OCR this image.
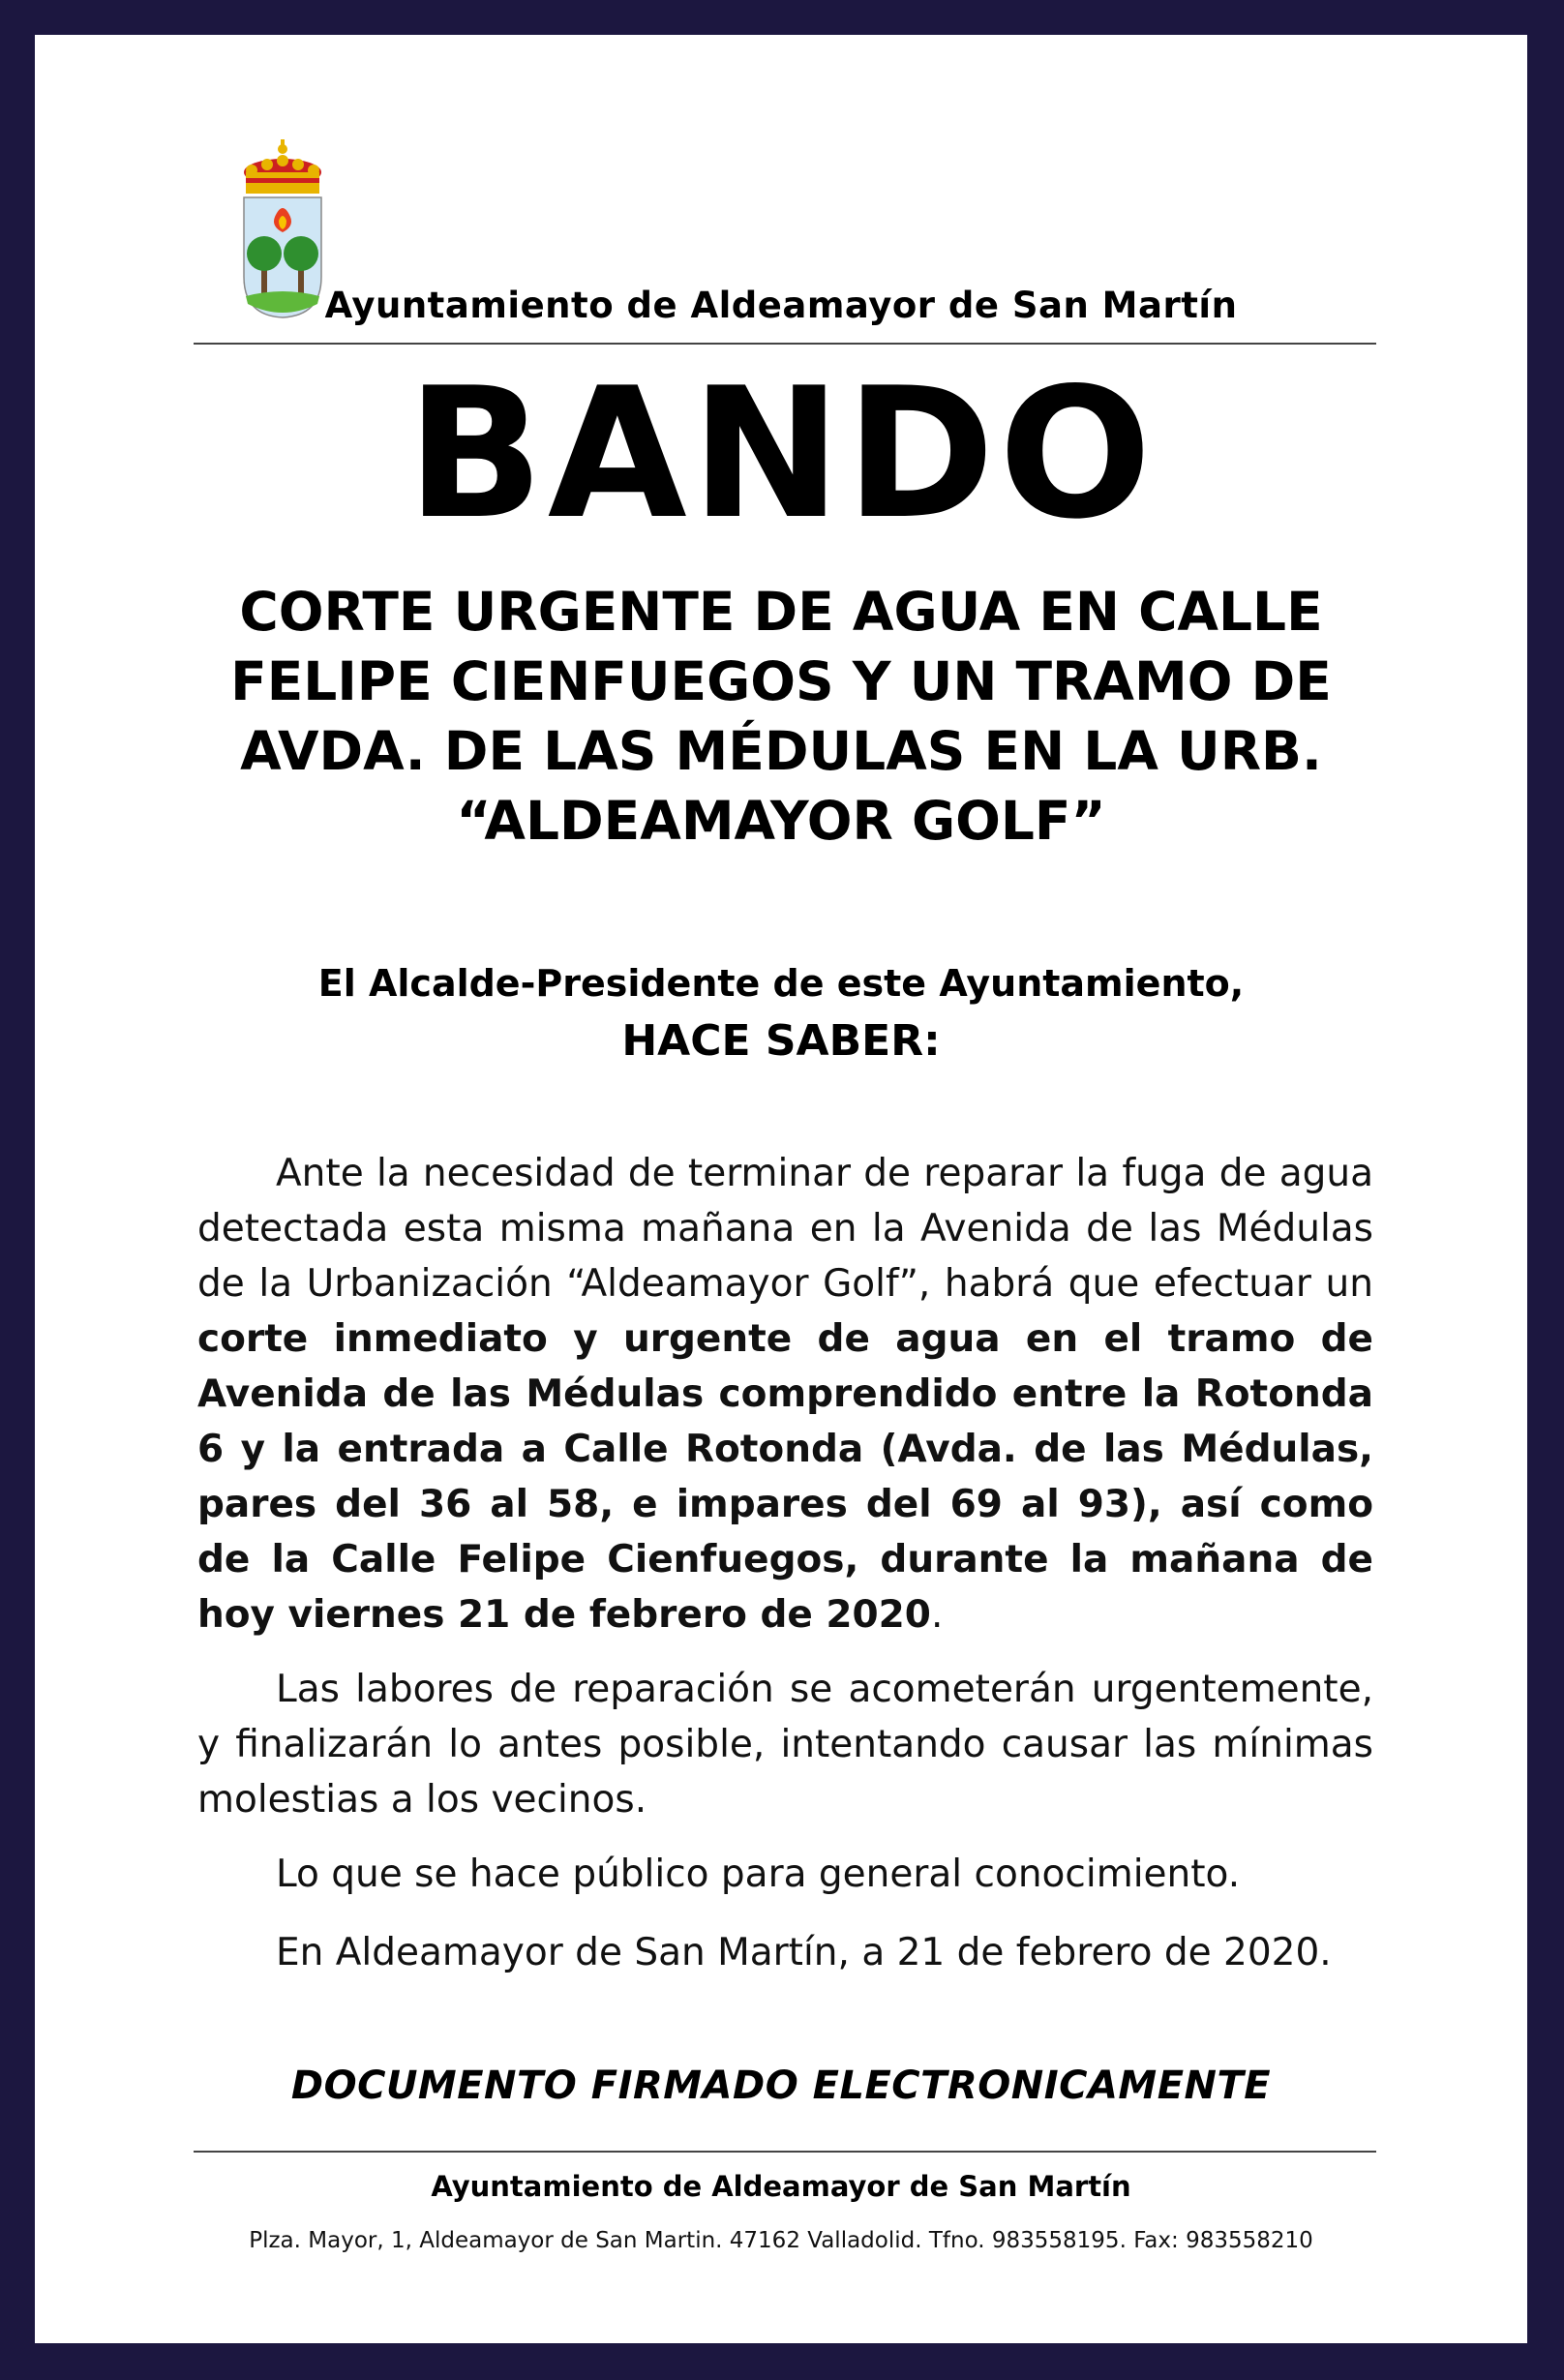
Ayuntamiento de Aldeamayor de San Martín
BANDO
CORTE URGENTE DE AGUA EN CALLE
FELIPE CIENFUEGOS Y UN TRAMO DE
AVDA. DE LAS MÉDULAS EN LA URB.
“ALDEAMAYOR GOLF”
El Alcalde-Presidente de este Ayuntamiento,
HACE SABER:

Ante la necesidad de terminar de reparar la fuga de agua detectada esta misma mañana en la Avenida de las Médulas de la Urbanización “Aldeamayor Golf”, habrá que efectuar un corte inmediato y urgente de agua en el tramo de Avenida de las Médulas comprendido entre la Rotonda 6 y la entrada a Calle Rotonda (Avda. de las Médulas, pares del 36 al 58, e impares del 69 al 93), así como de la Calle Felipe Cienfuegos, durante la mañana de hoy viernes 21 de febrero de 2020.

Las labores de reparación se acometerán urgentemente, y finalizarán lo antes posible, intentando causar las mínimas molestias a los vecinos.

Lo que se hace público para general conocimiento.

En Aldeamayor de San Martín, a 21 de febrero de 2020.

DOCUMENTO FIRMADO ELECTRONICAMENTE
Ayuntamiento de Aldeamayor de San Martín
Plza. Mayor, 1, Aldeamayor de San Martin. 47162 Valladolid. Tfno. 983558195. Fax: 983558210
